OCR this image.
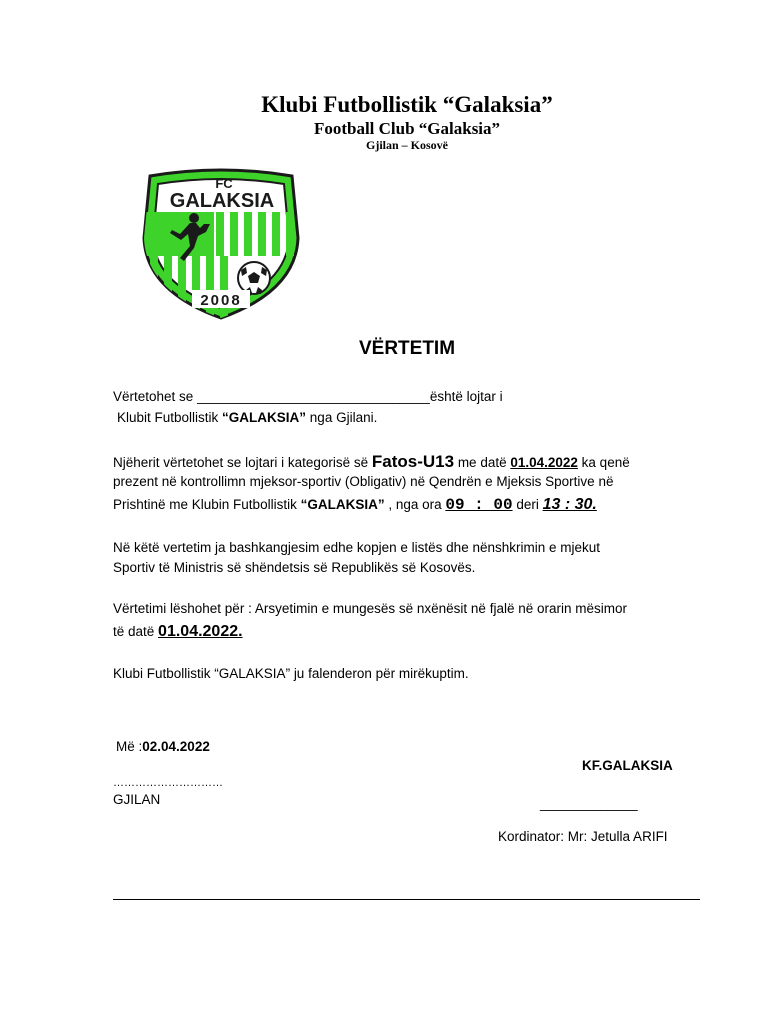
Klubi Futbollistik “Galaksia”
Football Club “Galaksia”
Gjilan – Kosovë
FC
GALAKSIA
2008
VËRTETIM
Vërtetohet se _______________________________është lojtar i
Klubit Futbollistik “GALAKSIA” nga Gjilani.
Njëherit vërtetohet se lojtari i kategorisë së Fatos-U13 me datë 01.04.2022 ka qenë
prezent në kontrollimn mjeksor-sportiv (Obligativ) në Qendrën e Mjeksis Sportive në
Prishtinë me Klubin Futbollistik “GALAKSIA” , nga ora 09 : 00 deri 13 : 30.
Në këtë vertetim ja bashkangjesim edhe kopjen e listës dhe nënshkrimin e mjekut
Sportiv të Ministris së shëndetsis së Republikës së Kosovës.
Vërtetimi lëshohet për : Arsyetimin e mungesës së nxënësit në fjalë në orarin mësimor
të datë 01.04.2022.
Klubi Futbollistik “GALAKSIA” ju falenderon për mirëkuptim.
Më :02.04.2022
KF.GALAKSIA
…………………………
GJILAN	_____________
Kordinator: Mr: Jetulla ARIFI
